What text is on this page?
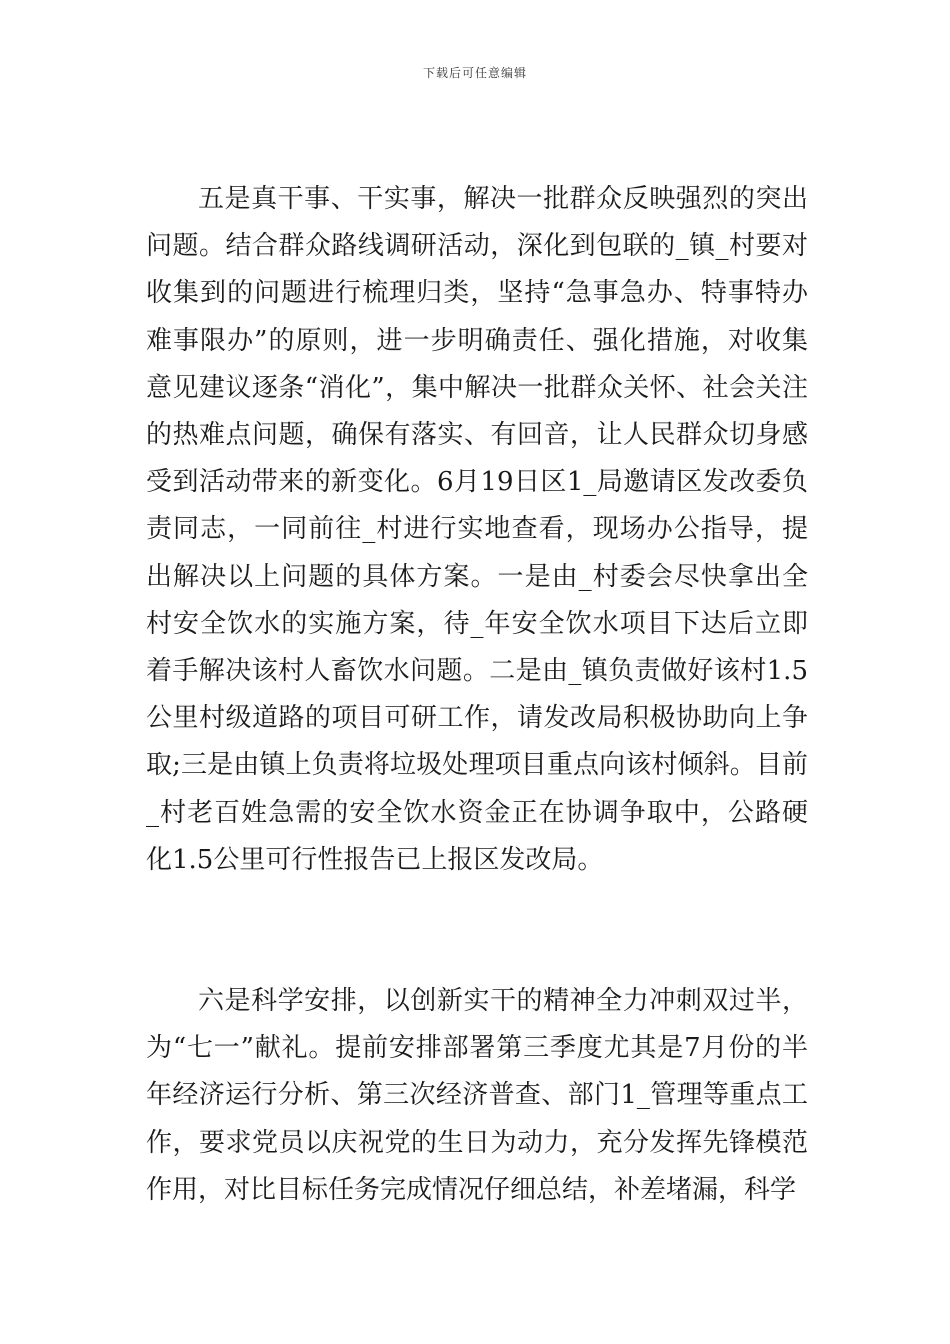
下载后可任意编辑

五是真干事、干实事，解决一批群众反映强烈的突出问题。结合群众路线调研活动，深化到包联的_镇_村要对收集到的问题进行梳理归类，坚持“急事急办、特事特办难事限办”的原则，进一步明确责任、强化措施，对收集意见建议逐条“消化”，集中解决一批群众关怀、社会关注的热难点问题，确保有落实、有回音，让人民群众切身感受到活动带来的新变化。6月19日区1_局邀请区发改委负责同志，一同前往_村进行实地查看，现场办公指导，提出解决以上问题的具体方案。一是由_村委会尽快拿出全村安全饮水的实施方案，待_年安全饮水项目下达后立即着手解决该村人畜饮水问题。二是由_镇负责做好该村1.5公里村级道路的项目可研工作，请发改局积极协助向上争取;三是由镇上负责将垃圾处理项目重点向该村倾斜。目前_村老百姓急需的安全饮水资金正在协调争取中，公路硬化1.5公里可行性报告已上报区发改局。

六是科学安排，以创新实干的精神全力冲刺双过半，为“七一”献礼。提前安排部署第三季度尤其是7月份的半年经济运行分析、第三次经济普查、部门1_管理等重点工作，要求党员以庆祝党的生日为动力，充分发挥先锋模范作用，对比目标任务完成情况仔细总结，补差堵漏，科学
